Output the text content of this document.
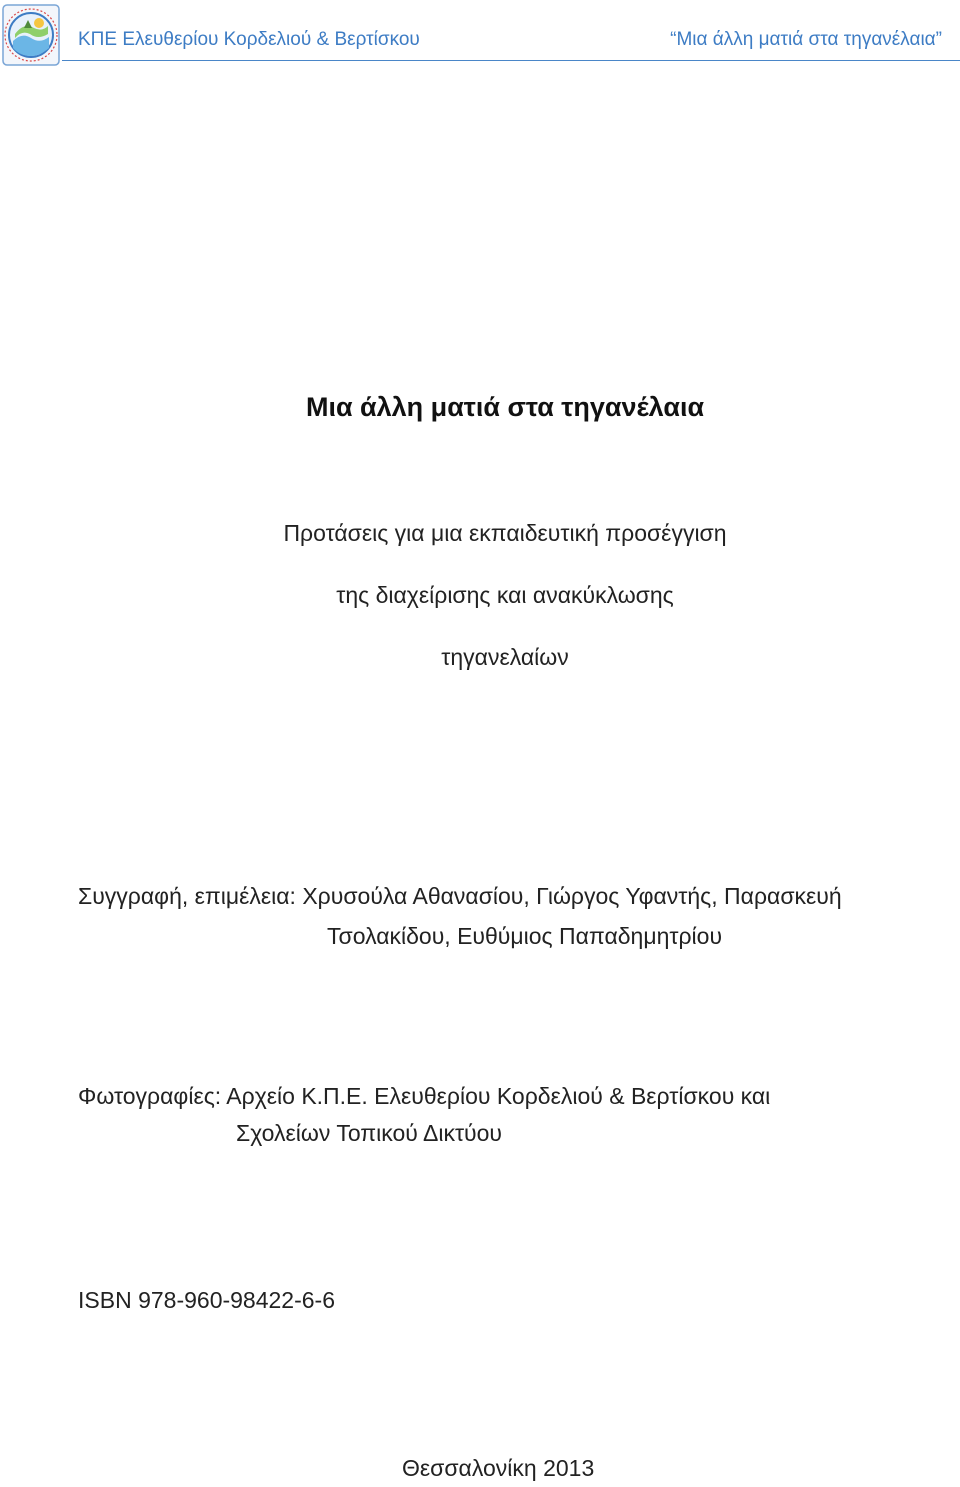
ΚΠΕ Ελευθερίου Κορδελιού & Βερτίσκου	“Μια άλλη ματιά στα τηγανέλαια”
Μια άλλη ματιά στα τηγανέλαια
Προτάσεις για μια εκπαιδευτική προσέγγιση
της διαχείρισης και ανακύκλωσης
τηγανελαίων
Συγγραφή, επιμέλεια: Χρυσούλα Αθανασίου, Γιώργος Υφαντής, Παρασκευή
Τσολακίδου, Ευθύμιος Παπαδημητρίου
Φωτογραφίες: Αρχείο Κ.Π.Ε. Ελευθερίου Κορδελιού & Βερτίσκου και
Σχολείων Τοπικού Δικτύου
ISBN 978-960-98422-6-6
Θεσσαλονίκη 2013
